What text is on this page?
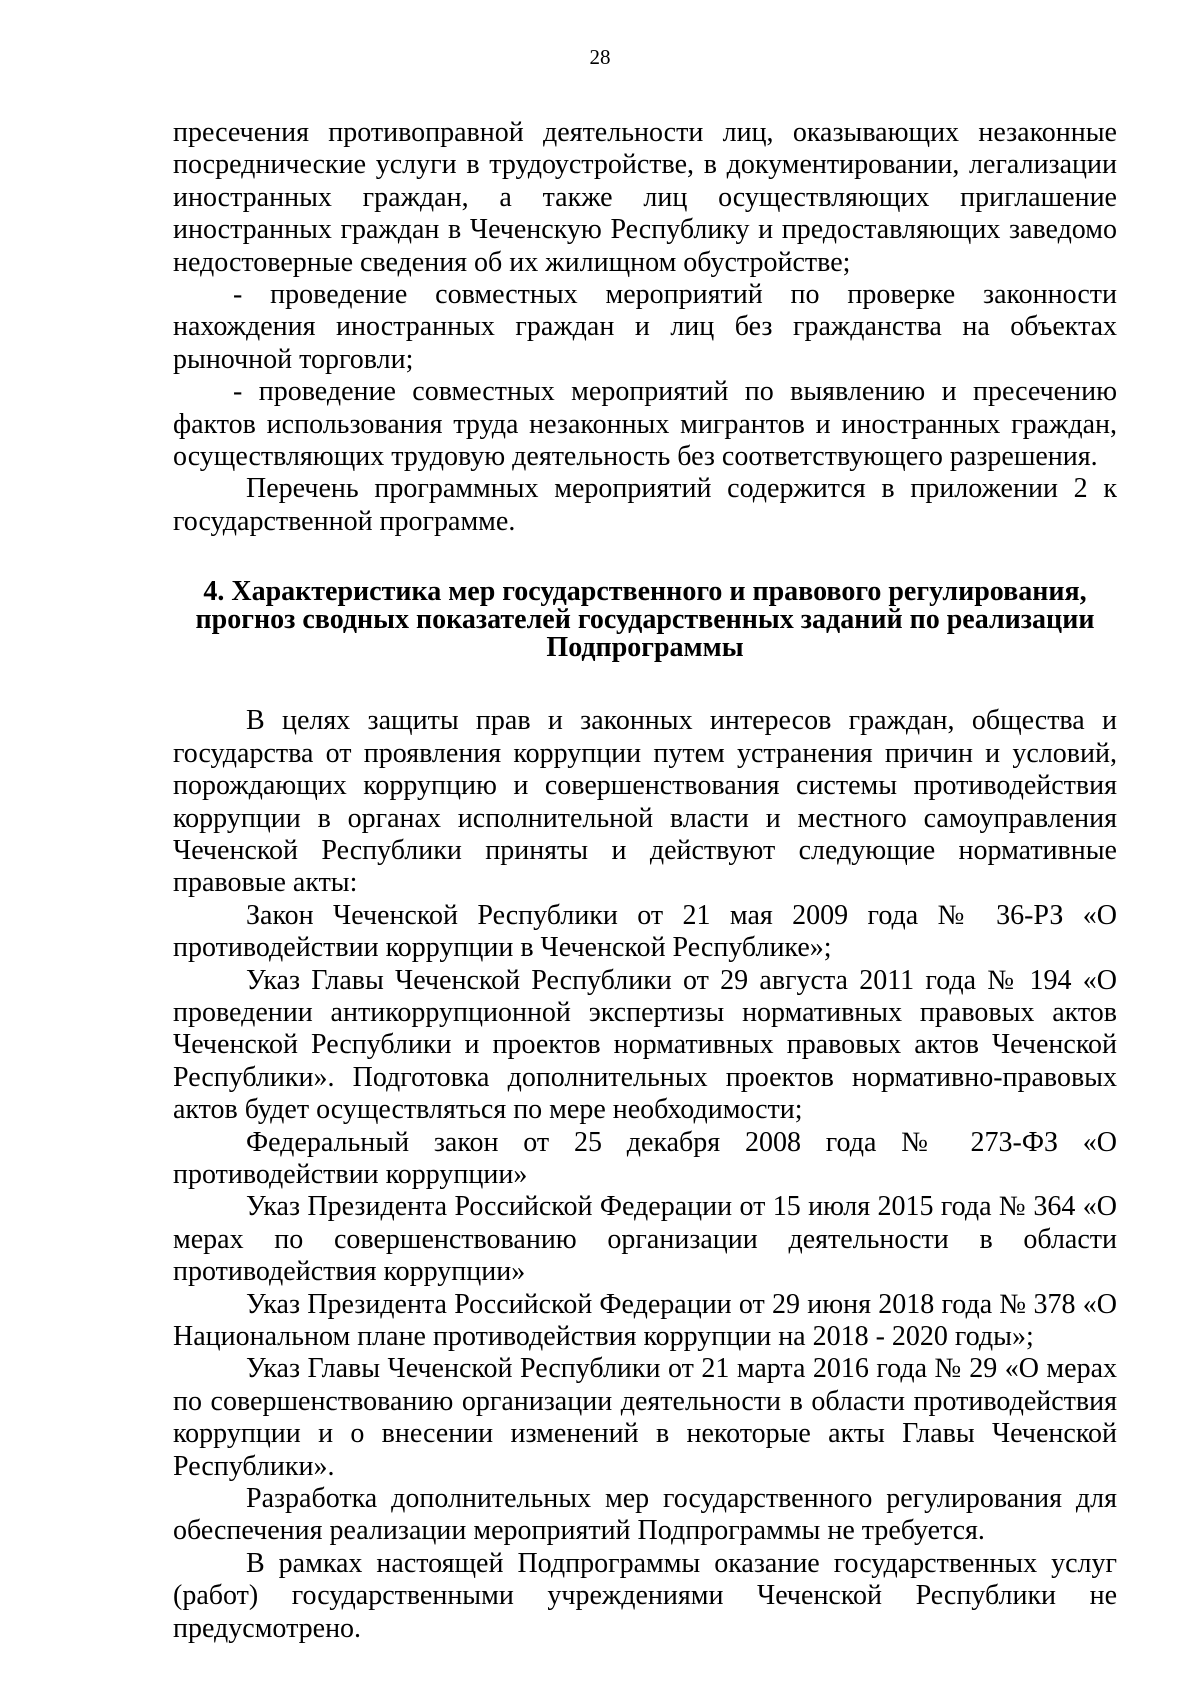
28

пресечения противоправной деятельности лиц, оказывающих незаконные посреднические услуги в трудоустройстве, в документировании, легализации иностранных граждан, а также лиц осуществляющих приглашение иностранных граждан в Чеченскую Республику и предоставляющих заведомо недостоверные сведения об их жилищном обустройстве;

- проведение совместных мероприятий по проверке законности нахождения иностранных граждан и лиц без гражданства на объектах рыночной торговли;

- проведение совместных мероприятий по выявлению и пресечению фактов использования труда незаконных мигрантов и иностранных граждан, осуществляющих трудовую деятельность без соответствующего разрешения.

Перечень программных мероприятий содержится в приложении 2 к государственной программе.

4. Характеристика мер государственного и правового регулирования,
прогноз сводных показателей государственных заданий по реализации
Подпрограммы

В целях защиты прав и законных интересов граждан, общества и государства от проявления коррупции путем устранения причин и условий, порождающих коррупцию и совершенствования системы противодействия коррупции в органах исполнительной власти и местного самоуправления Чеченской Республики приняты и действуют следующие нормативные правовые акты:

Закон Чеченской Республики от 21 мая 2009 года № 36-РЗ «О противодействии коррупции в Чеченской Республике»;

Указ Главы Чеченской Республики от 29 августа 2011 года № 194 «О проведении антикоррупционной экспертизы нормативных правовых актов Чеченской Республики и проектов нормативных правовых актов Чеченской Республики». Подготовка дополнительных проектов нормативно-правовых актов будет осуществляться по мере необходимости;

Федеральный закон от 25 декабря 2008 года № 273-ФЗ «О противодействии коррупции»

Указ Президента Российской Федерации от 15 июля 2015 года № 364 «О мерах по совершенствованию организации деятельности в области противодействия коррупции»

Указ Президента Российской Федерации от 29 июня 2018 года № 378 «О Национальном плане противодействия коррупции на 2018 - 2020 годы»;

Указ Главы Чеченской Республики от 21 марта 2016 года № 29 «О мерах по совершенствованию организации деятельности в области противодействия коррупции и о внесении изменений в некоторые акты Главы Чеченской Республики».

Разработка дополнительных мер государственного регулирования для обеспечения реализации мероприятий Подпрограммы не требуется.

В рамках настоящей Подпрограммы оказание государственных услуг (работ) государственными учреждениями Чеченской Республики не предусмотрено.
